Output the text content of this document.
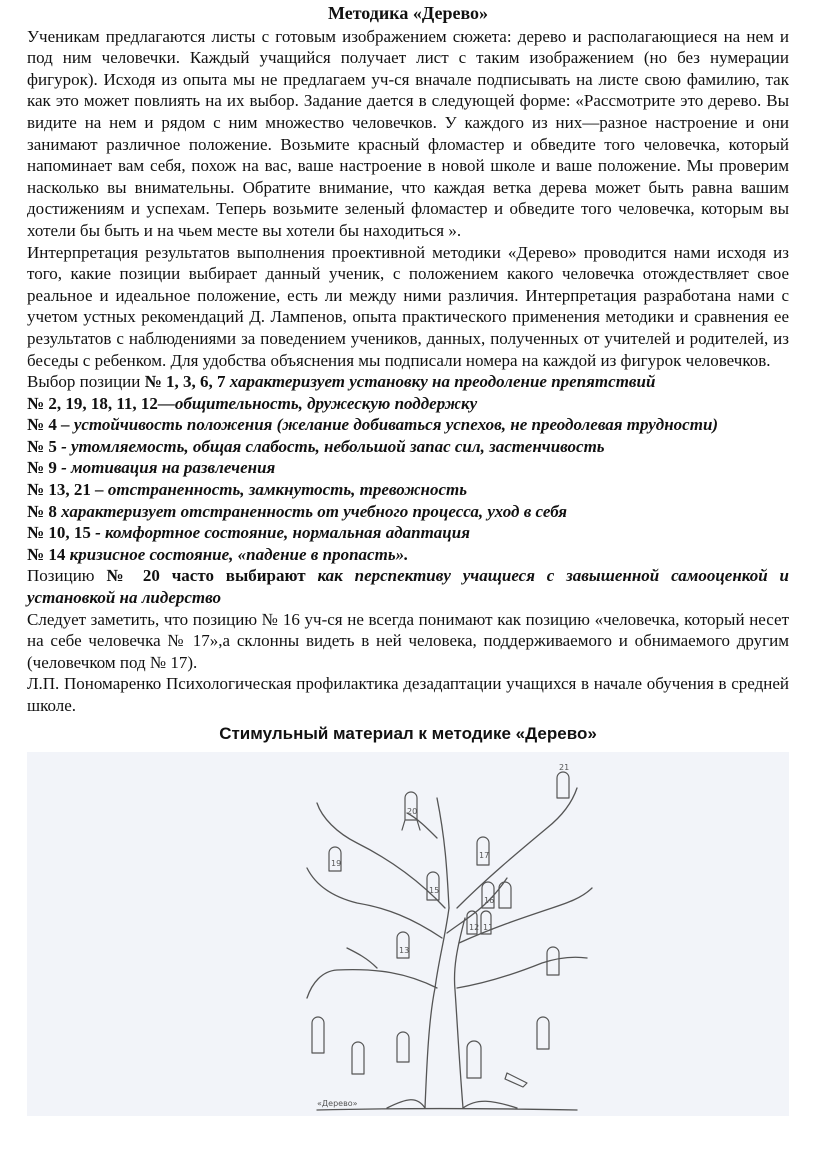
Методика «Дерево»

Ученикам предлагаются листы с готовым изображением сюжета: дерево и располагающиеся на нем и под ним человечки. Каждый учащийся получает лист с таким изображением (но без нумерации фигурок). Исходя из опыта мы не предлагаем уч-ся вначале подписывать на листе свою фамилию, так как это может повлиять на их выбор. Задание дается в следующей форме: «Рассмотрите это дерево. Вы видите на нем и рядом с ним множество человечков. У каждого из них—разное настроение и они занимают различное положение. Возьмите красный фломастер и обведите того человечка, который напоминает вам себя, похож на вас, ваше настроение в новой школе и ваше положение. Мы проверим насколько вы внимательны. Обратите внимание, что каждая ветка дерева может быть равна вашим достижениям и успехам. Теперь возьмите зеленый фломастер и обведите того человечка, которым вы хотели бы быть и на чьем месте вы хотели бы находиться ».

Интерпретация результатов выполнения проективной методики «Дерево» проводится нами исходя из того, какие позиции выбирает данный ученик, с положением какого человечка отождествляет свое реальное и идеальное положение, есть ли между ними различия. Интерпретация разработана нами с учетом устных рекомендаций Д. Лампенов, опыта практического применения методики и сравнения ее результатов с наблюдениями за поведением учеников, данных, полученных от учителей и родителей, из беседы с ребенком. Для удобства объяснения мы подписали номера на каждой из фигурок человечков.

Выбор позиции № 1, 3, 6, 7 характеризует установку на преодоление препятствий

№ 2, 19, 18, 11, 12—общительность, дружескую поддержку

№ 4 – устойчивость положения (желание добиваться успехов, не преодолевая трудности)

№ 5 - утомляемость, общая слабость, небольшой запас сил, застенчивость

№ 9 - мотивация на развлечения

№ 13, 21 – отстраненность, замкнутость, тревожность

№ 8 характеризует отстраненность от учебного процесса, уход в себя

№ 10, 15 - комфортное состояние, нормальная адаптация

№ 14 кризисное состояние, «падение в пропасть».

Позицию № 20 часто выбирают как перспективу учащиеся с завышенной самооценкой и установкой на лидерство

Следует заметить, что позицию № 16 уч-ся не всегда понимают как позицию «человечка, который несет на себе человечка № 17»,а склонны видеть в ней человека, поддерживаемого и обнимаемого другим (человечком под № 17).

Л.П. Пономаренко Психологическая профилактика дезадаптации учащихся в начале обучения в средней школе.

Стимульный материал к методике «Дерево»
20
21
19
17
15
16
12 11
13
«Дерево»
